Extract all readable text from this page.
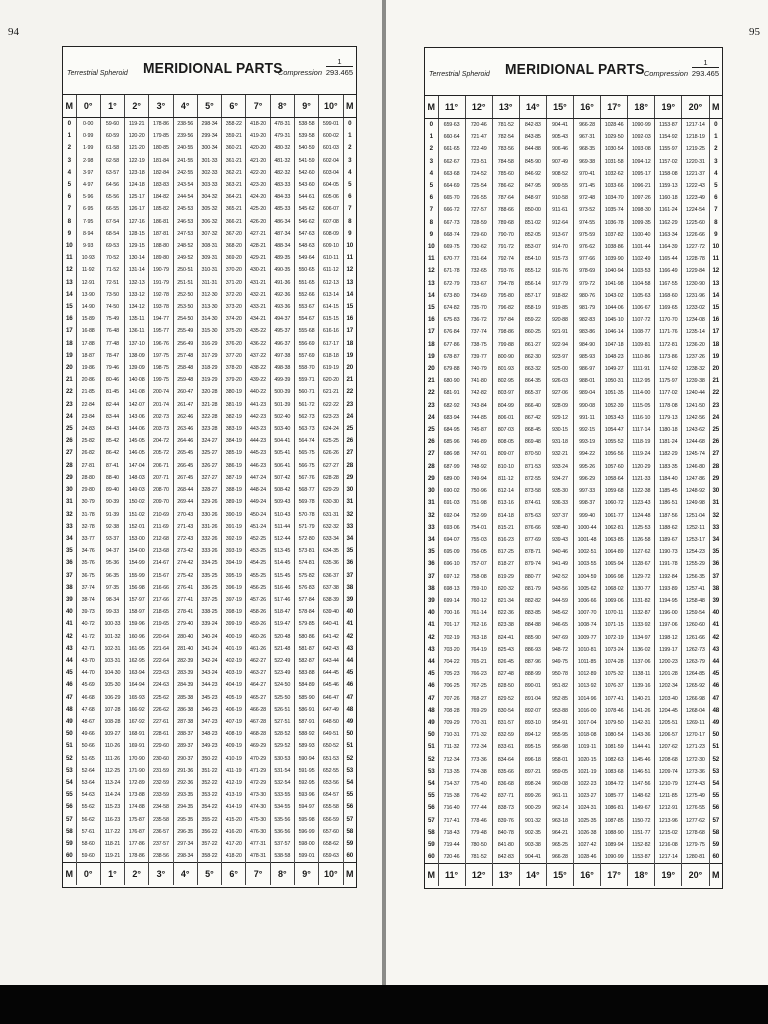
94
Terrestrial Spheroid MERIDIONAL PARTS
Compression $\frac{1}{293.465}$
M	0°	1°	2°	3°	4°	5°	6°	7°	8°	9°	10°	M
0	0·00	59·60	119·21	178·86	238·56	298·34	358·22	418·20	478·31	538·58	599·01	0
1	0·99	60·59	120·20	179·85	239·56	299·34	359·21	419·20	479·31	539·58	600·02	1
2	1·99	61·58	121·20	180·85	240·55	300·34	360·21	420·20	480·32	540·59	601·03	2
3	2·98	62·58	122·19	181·84	241·55	301·33	361·21	421·20	481·32	541·59	602·04	3
4	3·97	63·57	123·18	182·84	242·55	302·33	362·21	422·20	482·32	542·60	603·04	4
5	4·97	64·56	124·18	183·83	243·54	303·33	363·21	423·20	483·33	543·60	604·05	5
6	5·96	65·56	125·17	184·82	244·54	304·32	364·21	424·20	484·33	544·61	605·06	6
7	6·95	66·55	126·17	185·82	245·53	305·32	365·21	425·20	485·33	545·62	606·07	7
8	7·95	67·54	127·16	186·81	246·53	306·32	366·21	426·20	486·34	546·62	607·08	8
9	8·94	68·54	128·15	187·81	247·53	307·32	367·20	427·21	487·34	547·63	608·09	9
10	9·93	69·53	129·15	188·80	248·52	308·31	368·20	428·21	488·34	548·63	609·10	10
11	10·93	70·52	130·14	189·80	249·52	309·31	369·20	429·21	489·35	549·64	610·11	11
12	11·92	71·52	131·14	190·79	250·51	310·31	370·20	430·21	490·35	550·65	611·12	12
13	12·91	72·51	132·13	191·79	251·51	311·31	371·20	431·21	491·36	551·65	612·13	13
14	13·90	73·50	133·12	192·78	252·50	312·30	372·20	432·21	492·36	552·66	613·14	14
15	14·90	74·50	134·12	193·78	253·50	313·30	373·20	433·21	493·36	553·67	614·15	15
16	15·89	75·49	135·11	194·77	254·50	314·30	374·20	434·21	494·37	554·67	615·15	16
17	16·88	76·48	136·11	195·77	255·49	315·30	375·20	435·22	495·37	555·68	616·16	17
18	17·88	77·48	137·10	196·76	256·49	316·29	376·20	436·22	496·37	556·69	617·17	18
19	18·87	78·47	138·09	197·75	257·48	317·29	377·20	437·22	497·38	557·69	618·18	19
20	19·86	79·46	139·09	198·75	258·48	318·29	378·20	438·22	498·38	558·70	619·19	20
21	20·86	80·46	140·08	199·75	259·48	319·29	379·20	439·22	499·39	559·71	620·20	21
22	21·85	81·45	141·08	200·74	260·47	320·28	380·19	440·22	500·39	560·71	621·21	22
23	22·84	82·44	142·07	201·74	261·47	321·28	381·19	441·23	501·39	561·72	622·22	23
24	23·84	83·44	143·06	202·73	262·46	322·28	382·19	442·23	502·40	562·73	623·23	24
25	24·83	84·43	144·06	203·73	263·46	323·28	383·19	443·23	503·40	563·73	624·24	25
26	25·82	85·42	145·05	204·72	264·46	324·27	384·19	444·23	504·41	564·74	625·25	26
27	26·82	86·42	146·05	205·72	265·45	325·27	385·19	445·23	505·41	565·75	626·26	27
28	27·81	87·41	147·04	206·71	266·45	326·27	386·19	446·23	506·41	566·75	627·27	28
29	28·80	88·40	148·03	207·71	267·45	327·27	387·19	447·24	507·42	567·76	628·28	29
30	29·80	89·40	149·03	208·70	268·44	328·27	388·19	448·24	508·42	568·77	629·29	30
31	30·79	90·39	150·02	209·70	269·44	329·26	389·19	449·24	509·43	569·78	630·30	31
32	31·78	91·39	151·02	210·69	270·43	330·26	390·19	450·24	510·43	570·78	631·31	32
33	32·78	92·38	152·01	211·69	271·43	331·26	391·19	451·24	511·44	571·79	632·32	33
34	33·77	93·37	153·00	212·68	272·43	332·26	392·19	452·25	512·44	572·80	633·34	34
35	34·76	94·37	154·00	213·68	273·42	333·26	393·19	453·25	513·45	573·81	634·35	35
36	35·76	95·36	154·99	214·67	274·42	334·25	394·19	454·25	514·45	574·81	635·36	36
37	36·75	96·35	155·99	215·67	275·42	335·25	395·19	455·25	515·45	575·82	636·37	37
38	37·74	97·35	156·98	216·66	276·41	336·25	396·19	456·25	516·46	576·83	637·38	38
39	38·74	98·34	157·97	217·66	277·41	337·25	397·19	457·26	517·46	577·84	638·39	39
40	39·73	99·33	158·97	218·65	278·41	338·25	398·19	458·26	518·47	578·84	639·40	40
41	40·72	100·33	159·96	219·65	279·40	339·24	399·19	459·26	519·47	579·85	640·41	41
42	41·72	101·32	160·96	220·64	280·40	340·24	400·19	460·26	520·48	580·86	641·42	42
43	42·71	102·31	161·95	221·64	281·40	341·24	401·19	461·26	521·48	581·87	642·43	43
44	43·70	103·31	162·95	222·64	282·39	342·24	402·19	462·27	522·49	582·87	643·44	44
45	44·70	104·30	163·94	223·63	283·39	343·24	403·19	463·27	523·49	583·88	644·45	45
46	45·69	105·30	164·94	224·63	284·39	344·23	404·19	464·27	524·50	584·89	645·46	46
47	46·68	106·29	165·93	225·62	285·38	345·23	405·19	465·27	525·50	585·90	646·47	47
48	47·68	107·28	166·92	226·62	286·38	346·23	406·19	466·28	526·51	586·91	647·49	48
49	48·67	108·28	167·92	227·61	287·38	347·23	407·19	467·28	527·51	587·91	648·50	49
50	49·66	109·27	168·91	228·61	288·37	348·23	408·19	468·28	528·52	588·92	649·51	50
51	50·66	110·26	169·91	229·60	289·37	349·23	409·19	469·29	529·52	589·93	650·52	51
52	51·65	111·26	170·90	230·60	290·37	350·22	410·19	470·29	530·53	590·94	651·53	52
53	52·64	112·25	171·90	231·59	291·36	351·22	411·19	471·29	531·54	591·95	652·55	53
54	53·64	113·24	172·89	232·59	292·36	352·22	412·19	472·29	532·54	592·95	653·56	54
55	54·63	114·24	173·88	233·59	293·35	353·22	413·19	473·30	533·55	593·96	654·57	55
56	55·62	115·23	174·88	234·58	294·35	354·22	414·19	474·30	534·55	594·97	655·58	56
57	56·62	116·23	175·87	235·58	295·35	355·22	415·20	475·30	535·56	595·98	656·59	57
58	57·61	117·22	176·87	236·57	296·35	356·22	416·20	476·30	536·56	596·99	657·60	58
59	58·60	118·21	177·86	237·57	297·34	357·22	417·20	477·31	537·57	598·00	658·62	59
60	59·60	119·21	178·86	238·56	298·34	358·22	418·20	478·31	538·58	599·01	659·63	60
M	0°	1°	2°	3°	4°	5°	6°	7°	8°	9°	10°	M
95
Terrestrial Spheroid MERIDIONAL PARTS Compression $\frac{1}{293.465}$
M	11°	12°	13°	14°	15°	16°	17°	18°	19°	20°	M
0	659·63	720·46	781·52	842·83	904·41	966·28	1028·46	1090·99	1153·87	1217·14	0
1	660·64	721·47	782·54	843·85	905·43	967·31	1029·50	1092·03	1154·92	1218·19	1
2	661·65	722·49	783·56	844·88	906·46	968·35	1030·54	1093·08	1155·97	1219·25	2
3	662·67	723·51	784·58	845·90	907·49	969·38	1031·58	1094·12	1157·02	1220·31	3
4	663·68	724·52	785·60	846·92	908·52	970·41	1032·62	1095·17	1158·08	1221·37	4
5	664·69	725·54	786·62	847·95	909·55	971·45	1033·66	1096·21	1159·13	1222·43	5
6	665·70	726·55	787·64	848·97	910·58	972·48	1034·70	1097·26	1160·18	1223·49	6
7	666·72	727·57	788·66	850·00	911·61	973·52	1035·74	1098·30	1161·24	1224·54	7
8	667·73	728·59	789·68	851·02	912·64	974·55	1036·78	1099·35	1162·29	1225·60	8
9	668·74	729·60	790·70	852·05	913·67	975·59	1037·82	1100·40	1163·34	1226·66	9
10	669·75	730·62	791·72	853·07	914·70	976·62	1038·86	1101·44	1164·39	1227·72	10
11	670·77	731·64	792·74	854·10	915·73	977·66	1039·90	1102·49	1165·44	1228·78	11
12	671·78	732·65	793·76	855·12	916·76	978·69	1040·94	1103·53	1166·49	1229·84	12
13	672·79	733·67	794·78	856·14	917·79	979·72	1041·98	1104·58	1167·55	1230·90	13
14	673·80	734·69	795·80	857·17	918·82	980·76	1043·02	1105·63	1168·60	1231·96	14
15	674·82	735·70	796·82	858·19	919·85	981·79	1044·06	1106·67	1169·65	1233·02	15
16	675·83	736·72	797·84	859·22	920·88	982·83	1045·10	1107·72	1170·70	1234·08	16
17	676·84	737·74	798·86	860·25	921·91	983·86	1046·14	1108·77	1171·76	1235·14	17
18	677·86	738·75	799·88	861·27	922·94	984·90	1047·18	1109·81	1172·81	1236·20	18
19	678·87	739·77	800·90	862·30	923·97	985·93	1048·23	1110·86	1173·86	1237·26	19
20	679·88	740·79	801·93	863·32	925·00	986·97	1049·27	1111·91	1174·92	1238·32	20
21	680·90	741·80	802·95	864·35	926·03	988·01	1050·31	1112·95	1175·97	1239·38	21
22	681·91	742·82	803·97	865·37	927·06	989·04	1051·35	1114·00	1177·02	1240·44	22
23	682·92	743·84	804·99	866·40	928·09	990·08	1052·39	1115·05	1178·08	1241·50	23
24	683·94	744·85	806·01	867·42	929·12	991·11	1053·43	1116·10	1179·13	1242·56	24
25	684·95	745·87	807·03	868·45	930·15	992·15	1054·47	1117·14	1180·18	1243·62	25
26	685·96	746·89	808·05	869·48	931·18	993·19	1055·52	1118·19	1181·24	1244·68	26
27	686·98	747·91	809·07	870·50	932·21	994·22	1056·56	1119·24	1182·29	1245·74	27
28	687·99	748·92	810·10	871·53	933·24	995·26	1057·60	1120·29	1183·35	1246·80	28
29	689·00	749·94	811·12	872·55	934·27	996·29	1058·64	1121·33	1184·40	1247·86	29
30	690·02	750·96	812·14	873·58	935·30	997·33	1059·68	1122·38	1185·45	1248·92	30
31	691·03	751·98	813·16	874·61	936·33	998·37	1060·72	1123·43	1186·51	1249·98	31
32	692·04	752·99	814·18	875·63	937·37	999·40	1061·77	1124·48	1187·56	1251·04	32
33	693·06	754·01	815·21	876·66	938·40	1000·44	1062·81	1125·53	1188·62	1252·11	33
34	694·07	755·03	816·23	877·69	939·43	1001·48	1063·85	1126·58	1189·67	1253·17	34
35	695·09	756·05	817·25	878·71	940·46	1002·51	1064·89	1127·62	1190·73	1254·23	35
36	696·10	757·07	818·27	879·74	941·49	1003·55	1065·94	1128·67	1191·78	1255·29	36
37	697·12	758·08	819·29	880·77	942·52	1004·59	1066·98	1129·72	1192·84	1256·35	37
38	698·13	759·10	820·32	881·79	943·56	1005·62	1068·02	1130·77	1193·89	1257·41	38
39	699·14	760·12	821·34	882·82	944·59	1006·66	1069·06	1131·82	1194·95	1258·48	39
40	700·16	761·14	822·36	883·85	945·62	1007·70	1070·11	1132·87	1196·00	1259·54	40
41	701·17	762·16	823·38	884·88	946·65	1008·74	1071·15	1133·92	1197·06	1260·60	41
42	702·19	763·18	824·41	885·90	947·69	1009·77	1072·19	1134·97	1198·12	1261·66	42
43	703·20	764·19	825·43	886·93	948·72	1010·81	1073·24	1136·02	1199·17	1262·73	43
44	704·22	765·21	826·45	887·96	949·75	1011·85	1074·28	1137·06	1200·23	1263·79	44
45	705·23	766·23	827·48	888·99	950·78	1012·89	1075·32	1138·11	1201·28	1264·85	45
46	706·25	767·25	828·50	890·01	951·82	1013·92	1076·37	1139·16	1202·34	1265·92	46
47	707·26	768·27	829·52	891·04	952·85	1014·96	1077·41	1140·21	1203·40	1266·98	47
48	708·28	769·29	830·54	892·07	953·88	1016·00	1078·46	1141·26	1204·45	1268·04	48
49	709·29	770·31	831·57	893·10	954·91	1017·04	1079·50	1142·31	1205·51	1269·11	49
50	710·31	771·32	832·59	894·12	955·95	1018·08	1080·54	1143·36	1206·57	1270·17	50
51	711·32	772·34	833·61	895·15	956·98	1019·11	1081·59	1144·41	1207·62	1271·23	51
52	712·34	773·36	834·64	896·18	958·01	1020·15	1082·63	1145·46	1208·68	1272·30	52
53	713·35	774·38	835·66	897·21	959·05	1021·19	1083·68	1146·51	1209·74	1273·36	53
54	714·37	775·40	836·68	898·24	960·08	1022·23	1084·72	1147·56	1210·79	1274·43	54
55	715·38	776·42	837·71	899·26	961·11	1023·27	1085·77	1148·62	1211·85	1275·49	55
56	716·40	777·44	838·73	900·29	962·14	1024·31	1086·81	1149·67	1212·91	1276·55	56
57	717·41	778·46	839·76	901·32	963·18	1025·35	1087·85	1150·72	1213·96	1277·62	57
58	718·43	779·48	840·78	902·35	964·21	1026·38	1088·90	1151·77	1215·02	1278·68	58
59	719·44	780·50	841·80	903·38	965·25	1027·42	1089·94	1152·82	1216·08	1279·75	59
60	720·46	781·52	842·83	904·41	966·28	1028·46	1090·99	1153·87	1217·14	1280·81	60
M	11°	12°	13°	14°	15°	16°	17°	18°	19°	20°	M
